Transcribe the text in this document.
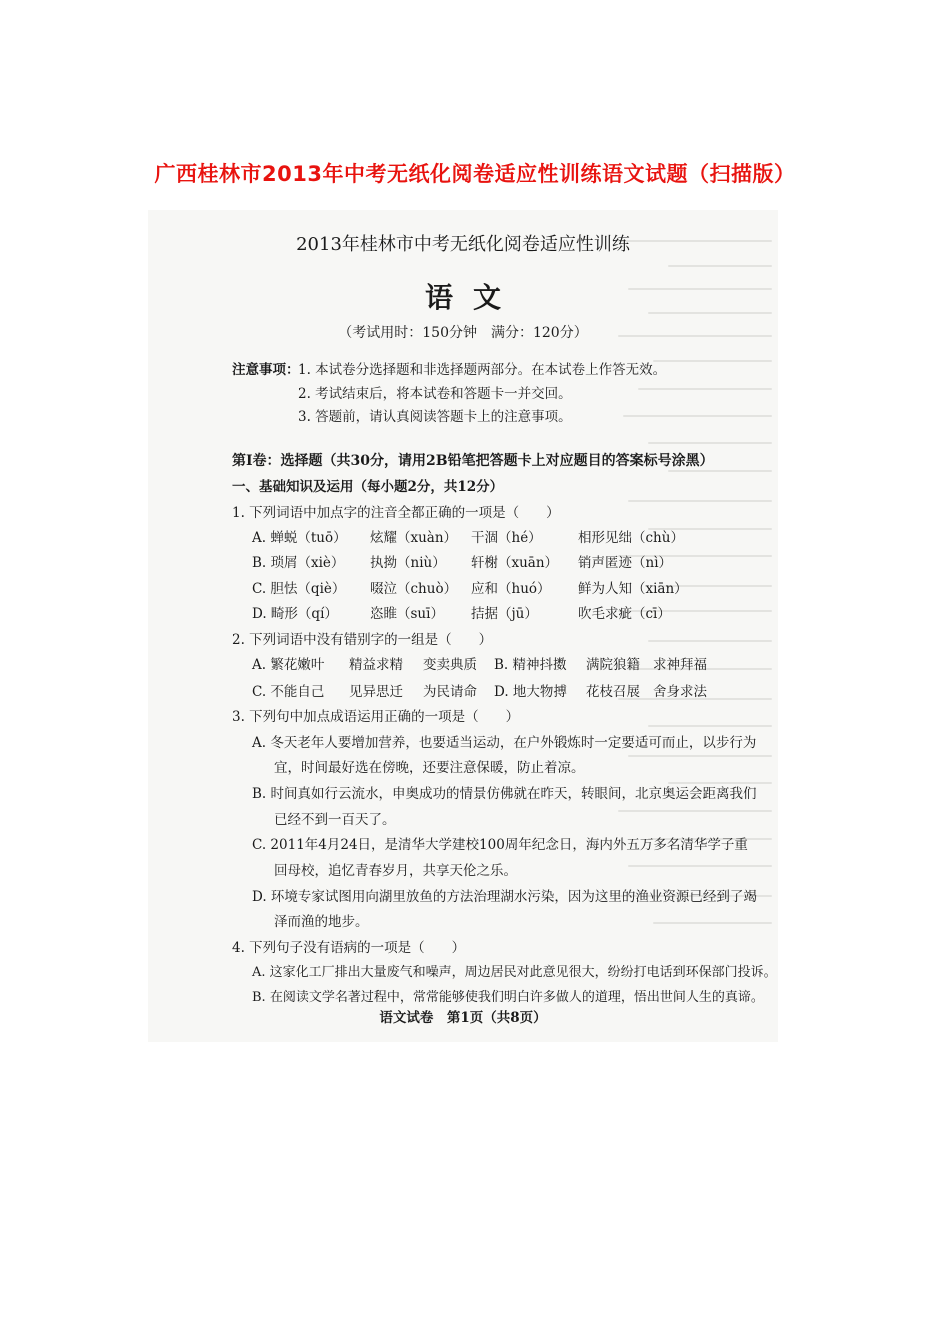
广西桂林市2013年中考无纸化阅卷适应性训练语文试题（扫描版）
2013年桂林市中考无纸化阅卷适应性训练
语文
（考试用时：150分钟　满分：120分）
注意事项：
1. 本试卷分选择题和非选择题两部分。在本试卷上作答无效。
2. 考试结束后，将本试卷和答题卡一并交回。
3. 答题前，请认真阅读答题卡上的注意事项。
第Ⅰ卷：选择题（共30分，请用2B铅笔把答题卡上对应题目的答案标号涂黑）
一、基础知识及运用（每小题2分，共12分）
1. 下列词语中加点字的注音全都正确的一项是（　　）
A. 蝉蜕（tuō） 炫耀（xuàn） 干涸（hé）	相形见绌（chù）
B. 琐屑（xiè） 执拗（niù） 轩榭（xuān） 销声匿迹（nì）
C. 胆怯（qiè） 啜泣（chuò） 应和（huó） 鲜为人知（xiān）
D. 畸形（qí） 恣睢（suī） 拮据（jū）	吹毛求疵（cī）
2. 下列词语中没有错别字的一组是（　　）
A. 繁花嫩叶 精益求精 变卖典质 B. 精神抖擞 满院狼籍 求神拜福
C. 不能自己 见异思迁 为民请命 D. 地大物搏 花枝召展 舍身求法
3. 下列句中加点成语运用正确的一项是（　　）
A. 冬天老年人要增加营养，也要适当运动，在户外锻炼时一定要适可而止，以步行为
宜，时间最好选在傍晚，还要注意保暖，防止着凉。
B. 时间真如行云流水，申奥成功的情景仿佛就在昨天，转眼间，北京奥运会距离我们
已经不到一百天了。
C. 2011年4月24日，是清华大学建校100周年纪念日，海内外五万多名清华学子重
回母校，追忆青春岁月，共享天伦之乐。
D. 环境专家试图用向湖里放鱼的方法治理湖水污染，因为这里的渔业资源已经到了竭
泽而渔的地步。
4. 下列句子没有语病的一项是（　　）
A. 这家化工厂排出大量废气和噪声，周边居民对此意见很大，纷纷打电话到环保部门投诉。
B. 在阅读文学名著过程中，常常能够使我们明白许多做人的道理，悟出世间人生的真谛。
语文试卷　第1页（共8页）
